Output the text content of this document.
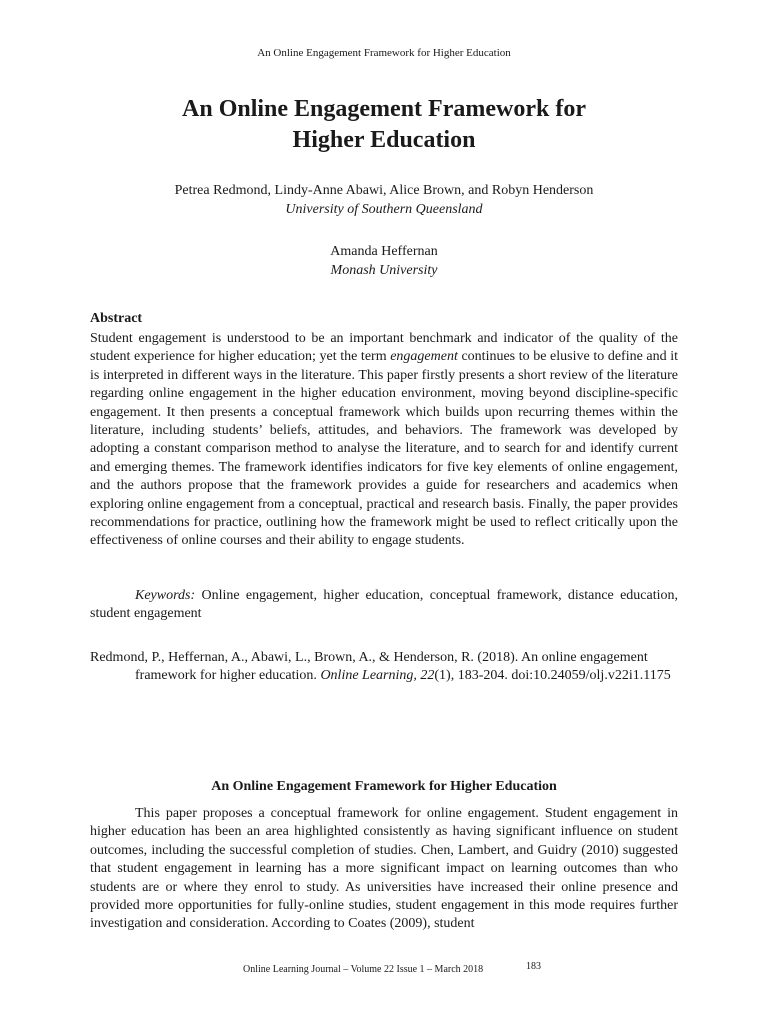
An Online Engagement Framework for Higher Education
An Online Engagement Framework for
Higher Education
Petrea Redmond, Lindy-Anne Abawi, Alice Brown, and Robyn Henderson
University of Southern Queensland
Amanda Heffernan
Monash University
Abstract

Student engagement is understood to be an important benchmark and indicator of the quality of the student experience for higher education; yet the term engagement continues to be elusive to define and it is interpreted in different ways in the literature. This paper firstly presents a short review of the literature regarding online engagement in the higher education environment, moving beyond discipline-specific engagement. It then presents a conceptual framework which builds upon recurring themes within the literature, including students’ beliefs, attitudes, and behaviors. The framework was developed by adopting a constant comparison method to analyse the literature, and to search for and identify current and emerging themes. The framework identifies indicators for five key elements of online engagement, and the authors propose that the framework provides a guide for researchers and academics when exploring online engagement from a conceptual, practical and research basis. Finally, the paper provides recommendations for practice, outlining how the framework might be used to reflect critically upon the effectiveness of online courses and their ability to engage students.

Keywords: Online engagement, higher education, conceptual framework, distance education, student engagement

Redmond, P., Heffernan, A., Abawi, L., Brown, A., & Henderson, R. (2018). An online engagement framework for higher education. Online Learning, 22(1), 183-204. doi:10.24059/olj.v22i1.1175

An Online Engagement Framework for Higher Education

This paper proposes a conceptual framework for online engagement. Student engagement in higher education has been an area highlighted consistently as having significant influence on student outcomes, including the successful completion of studies. Chen, Lambert, and Guidry (2010) suggested that student engagement in learning has a more significant impact on learning outcomes than who students are or where they enrol to study. As universities have increased their online presence and provided more opportunities for fully-online studies, student engagement in this mode requires further investigation and consideration. According to Coates (2009), student

Online Learning Journal – Volume 22 Issue 1 – March 2018	183
